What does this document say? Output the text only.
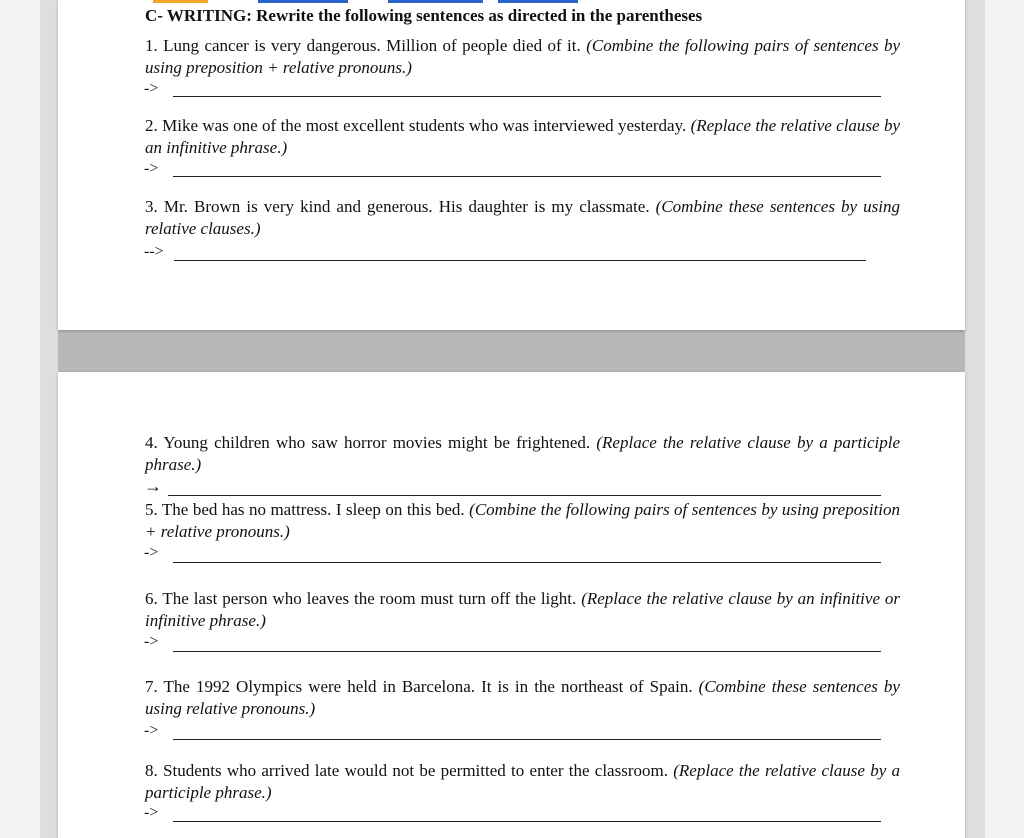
C- WRITING: Rewrite the following sentences as directed in the parentheses
1. Lung cancer is very dangerous. Million of people died of it. (Combine the following pairs of sentences by using preposition + relative pronouns.)
->
2. Mike was one of the most excellent students who was interviewed yesterday. (Replace the relative clause by an infinitive phrase.)
->
3. Mr. Brown is very kind and generous. His daughter is my classmate. (Combine these sentences by using relative clauses.)
-->
4. Young children who saw horror movies might be frightened. (Replace the relative clause by a participle phrase.)
→
5. The bed has no mattress. I sleep on this bed. (Combine the following pairs of sentences by using preposition + relative pronouns.)
->
6. The last person who leaves the room must turn off the light. (Replace the relative clause by an infinitive or infinitive phrase.)
->
7. The 1992 Olympics were held in Barcelona. It is in the northeast of Spain. (Combine these sentences by using relative pronouns.)
->
8. Students who arrived late would not be permitted to enter the classroom. (Replace the relative clause by a participle phrase.)
->
